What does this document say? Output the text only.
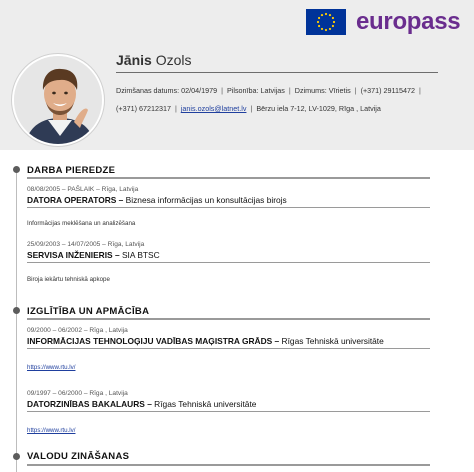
europass
Jānis Ozols
Dzimšanas datums: 02/04/1979 | Pilsonība: Latvijas | Dzimums: Vīrietis | (+371) 29115472 |
(+371) 67212317 | janis.ozols@latnet.lv | Bērzu iela 7-12, LV-1029, Rīga , Latvija
DARBA PIEREDZE
08/08/2005 – PAŠLAIK – Rīga, Latvija
DATORA OPERATORS – Biznesa informācijas un konsultācijas birojs
Informācijas meklēšana un analizēšana
25/09/2003 – 14/07/2005 – Rīga, Latvija
SERVISA INŽENIERIS – SIA BTSC
Biroja iekārtu tehniskā apkope
IZGLĪTĪBA UN APMĀCĪBA
09/2000 – 06/2002 – Rīga , Latvija
INFORMĀCIJAS TEHNOLOĢIJU VADĪBAS MAĢISTRA GRĀDS – Rīgas Tehniskā universitāte
https://www.rtu.lv/
09/1997 – 06/2000 – Rīga , Latvija
DATORZINĪBAS BAKALAURS – Rīgas Tehniskā universitāte
https://www.rtu.lv/
VALODU ZINĀŠANAS
